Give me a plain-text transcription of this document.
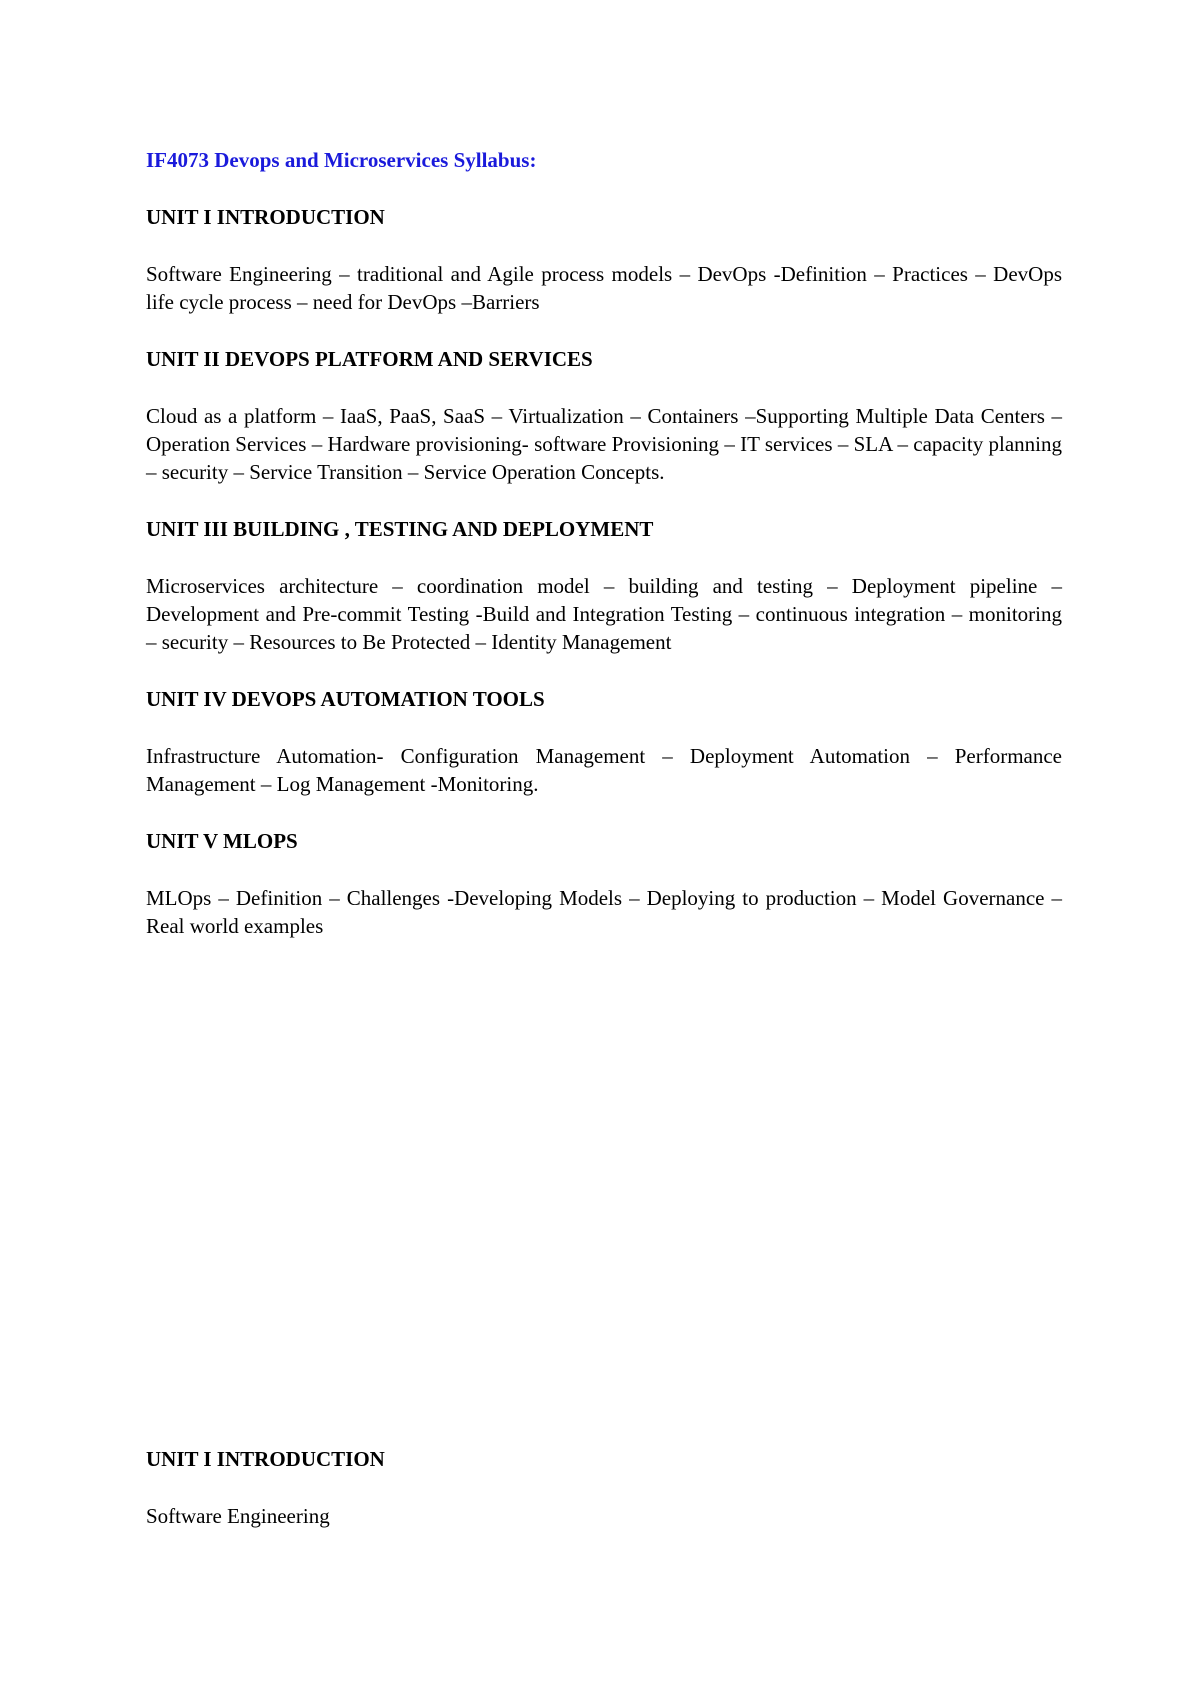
IF4073 Devops and Microservices Syllabus:

UNIT I INTRODUCTION

Software Engineering – traditional and Agile process models – DevOps -Definition – Practices – DevOps life cycle process – need for DevOps –Barriers

UNIT II DEVOPS PLATFORM AND SERVICES

Cloud as a platform – IaaS, PaaS, SaaS – Virtualization – Containers –Supporting Multiple Data Centers – Operation Services – Hardware provisioning- software Provisioning – IT services – SLA – capacity planning – security – Service Transition – Service Operation Concepts.

UNIT III BUILDING , TESTING AND DEPLOYMENT

Microservices architecture – coordination model – building and testing – Deployment pipeline – Development and Pre-commit Testing -Build and Integration Testing – continuous integration – monitoring – security – Resources to Be Protected – Identity Management

UNIT IV DEVOPS AUTOMATION TOOLS

Infrastructure Automation- Configuration Management – Deployment Automation – Performance Management – Log Management -Monitoring.

UNIT V MLOPS

MLOps – Definition – Challenges -Developing Models – Deploying to production – Model Governance – Real world examples

UNIT I INTRODUCTION

Software Engineering
